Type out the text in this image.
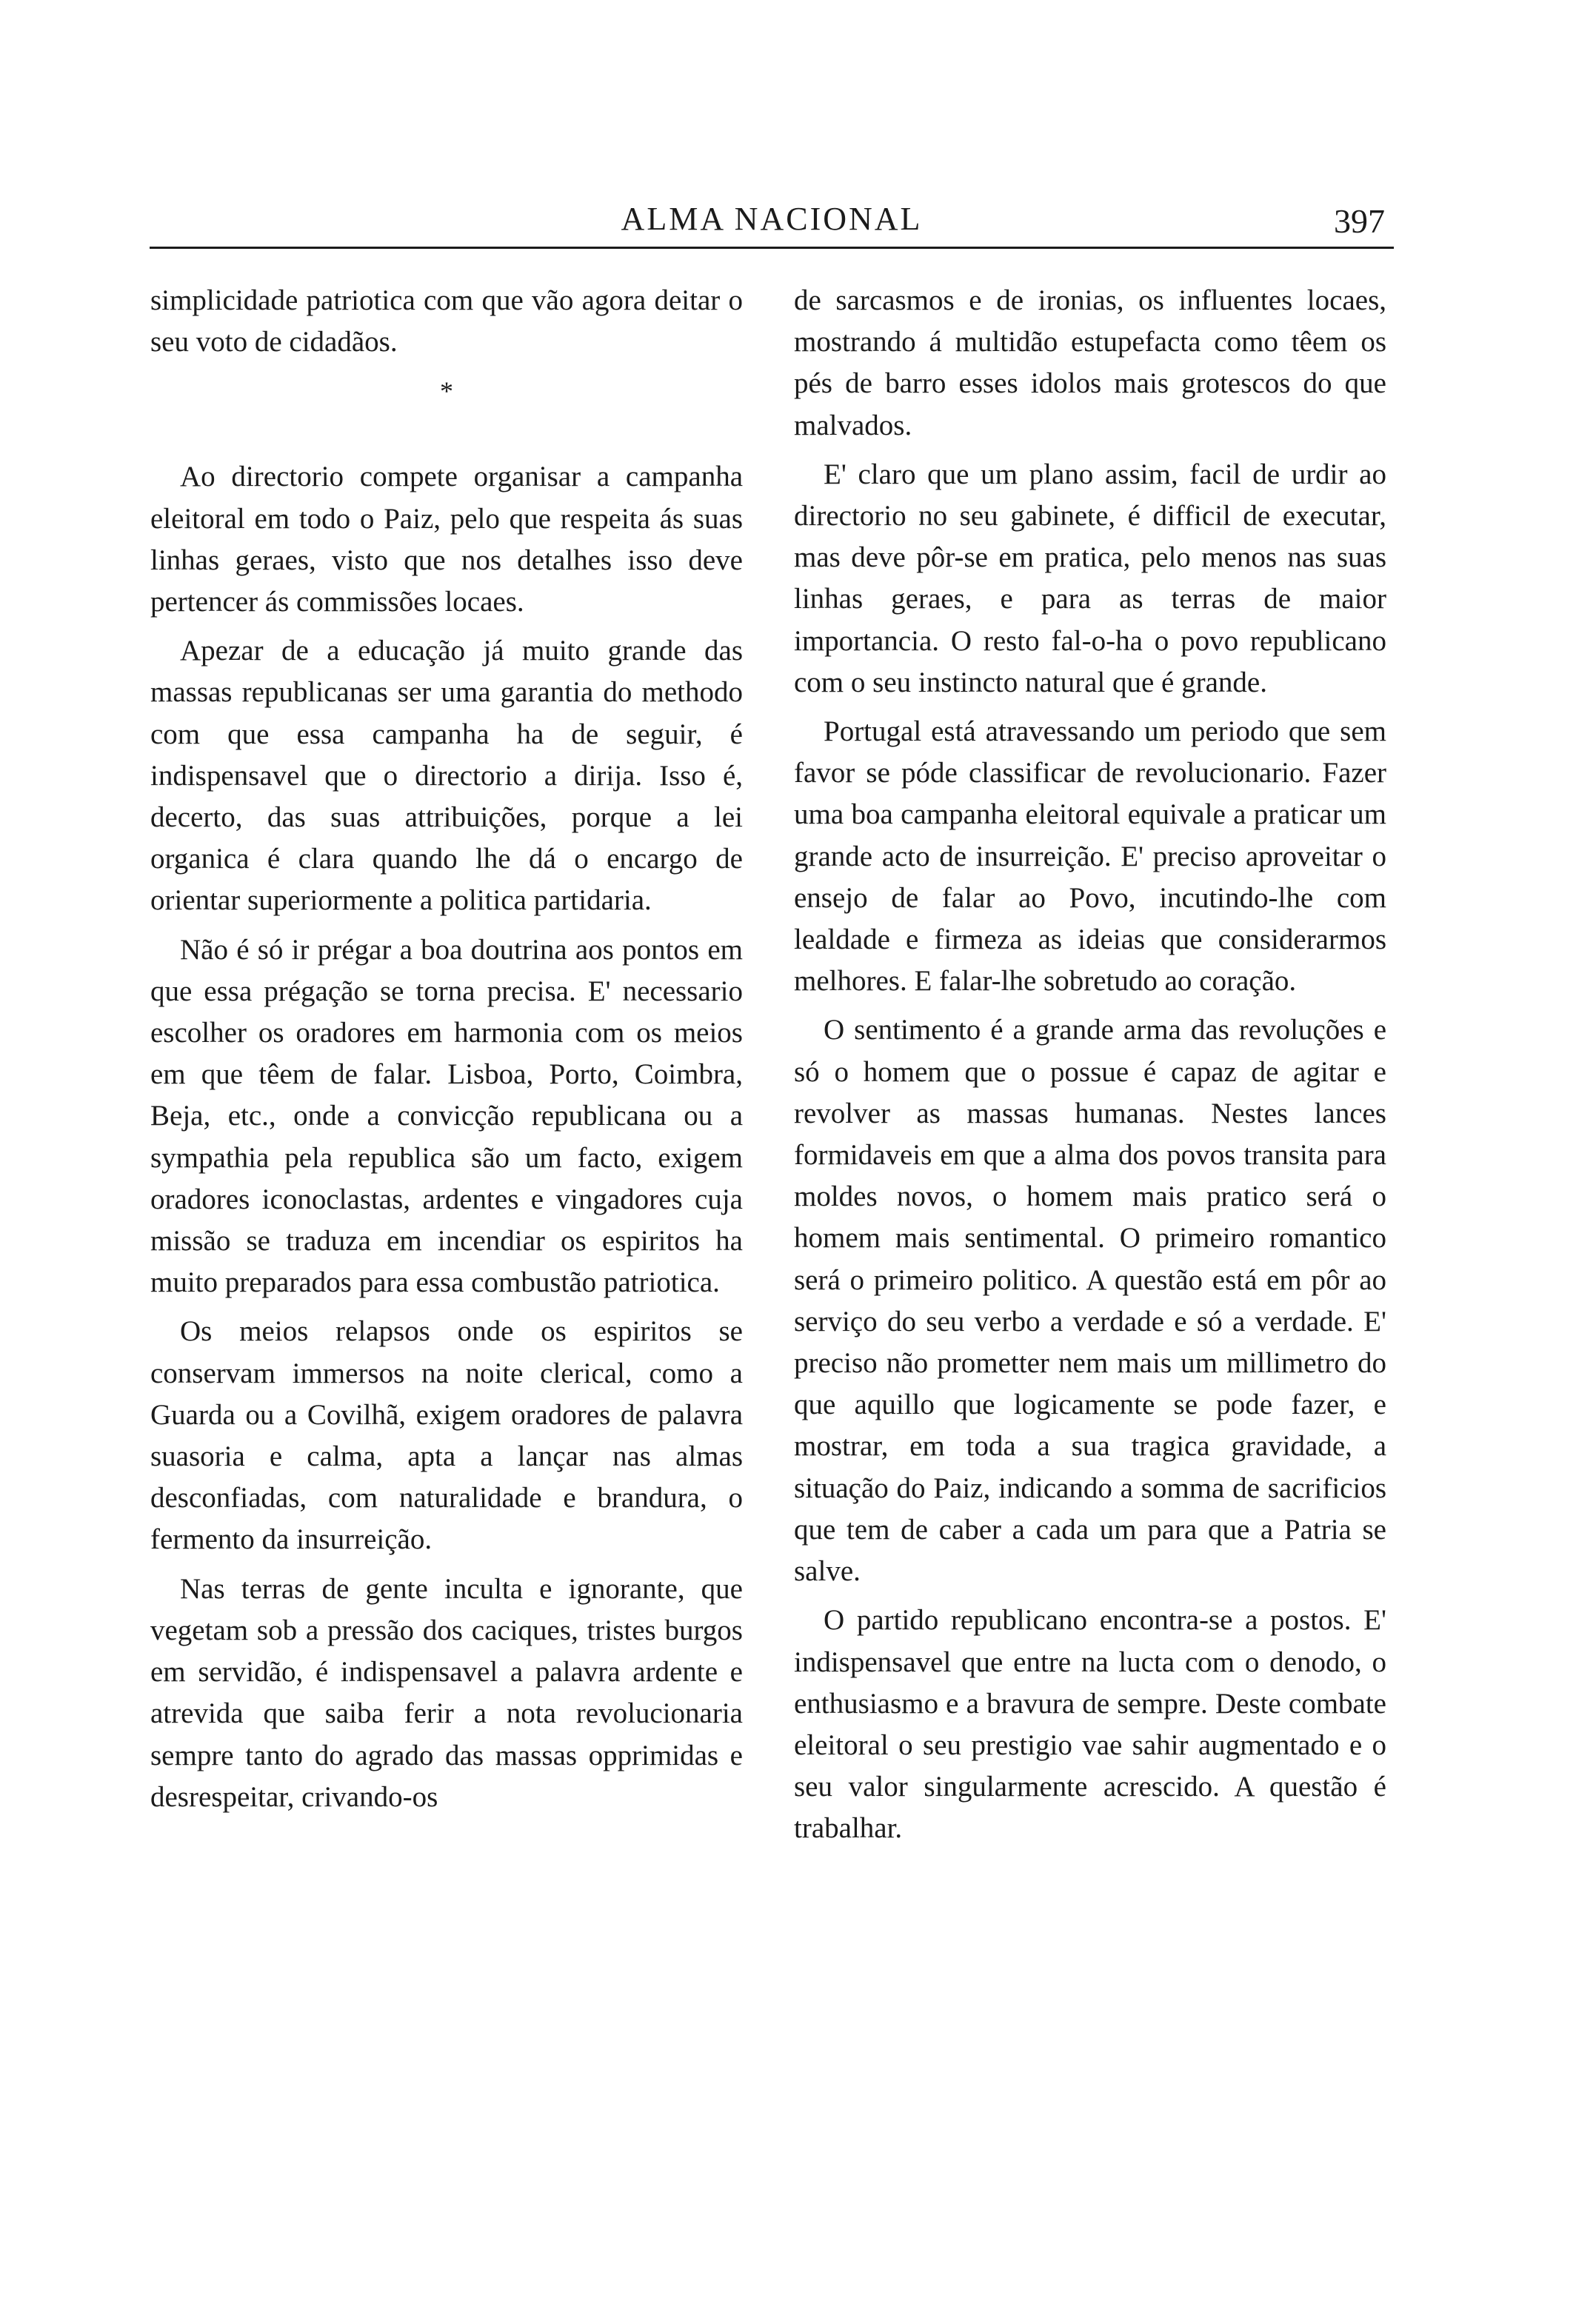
ALMA NACIONAL	397

simplicidade patriotica com que vão agora deitar o seu voto de cidadãos.

*

Ao directorio compete organisar a campanha eleitoral em todo o Paiz, pelo que respeita ás suas linhas geraes, visto que nos detalhes isso deve pertencer ás commissões locaes.

Apezar de a educação já muito grande das massas republicanas ser uma garantia do methodo com que essa campanha ha de seguir, é indispensavel que o directorio a dirija. Isso é, decerto, das suas attribuições, porque a lei organica é clara quando lhe dá o encargo de orientar superiormente a politica partidaria.

Não é só ir prégar a boa doutrina aos pontos em que essa prégação se torna precisa. E' necessario escolher os oradores em harmonia com os meios em que têem de falar. Lisboa, Porto, Coimbra, Beja, etc., onde a convicção republicana ou a sympathia pela republica são um facto, exigem oradores iconoclastas, ardentes e vingadores cuja missão se traduza em incendiar os espiritos ha muito preparados para essa combustão patriotica.

Os meios relapsos onde os espiritos se conservam immersos na noite clerical, como a Guarda ou a Covilhã, exigem oradores de palavra suasoria e calma, apta a lançar nas almas desconfiadas, com naturalidade e brandura, o fermento da insurreição.

Nas terras de gente inculta e ignorante, que vegetam sob a pressão dos caciques, tristes burgos em servidão, é indispensavel a palavra ardente e atrevida que saiba ferir a nota revolucionaria sempre tanto do agrado das massas opprimidas e desrespeitar, crivando-os

de sarcasmos e de ironias, os influentes locaes, mostrando á multidão estupefacta como têem os pés de barro esses idolos mais grotescos do que malvados.

E' claro que um plano assim, facil de urdir ao directorio no seu gabinete, é difficil de executar, mas deve pôr-se em pratica, pelo menos nas suas linhas geraes, e para as terras de maior importancia. O resto fal-o-ha o povo republicano com o seu instincto natural que é grande.

Portugal está atravessando um periodo que sem favor se póde classificar de revolucionario. Fazer uma boa campanha eleitoral equivale a praticar um grande acto de insurreição. E' preciso aproveitar o ensejo de falar ao Povo, incutindo-lhe com lealdade e firmeza as ideias que considerarmos melhores. E falar-lhe sobretudo ao coração.

O sentimento é a grande arma das revoluções e só o homem que o possue é capaz de agitar e revolver as massas humanas. Nestes lances formidaveis em que a alma dos povos transita para moldes novos, o homem mais pratico será o homem mais sentimental. O primeiro romantico será o primeiro politico. A questão está em pôr ao serviço do seu verbo a verdade e só a verdade. E' preciso não prometter nem mais um millimetro do que aquillo que logicamente se pode fazer, e mostrar, em toda a sua tragica gravidade, a situação do Paiz, indicando a somma de sacrificios que tem de caber a cada um para que a Patria se salve.

O partido republicano encontra-se a postos. E' indispensavel que entre na lucta com o denodo, o enthusiasmo e a bravura de sempre. Deste combate eleitoral o seu prestigio vae sahir augmentado e o seu valor singularmente acrescido. A questão é trabalhar.
